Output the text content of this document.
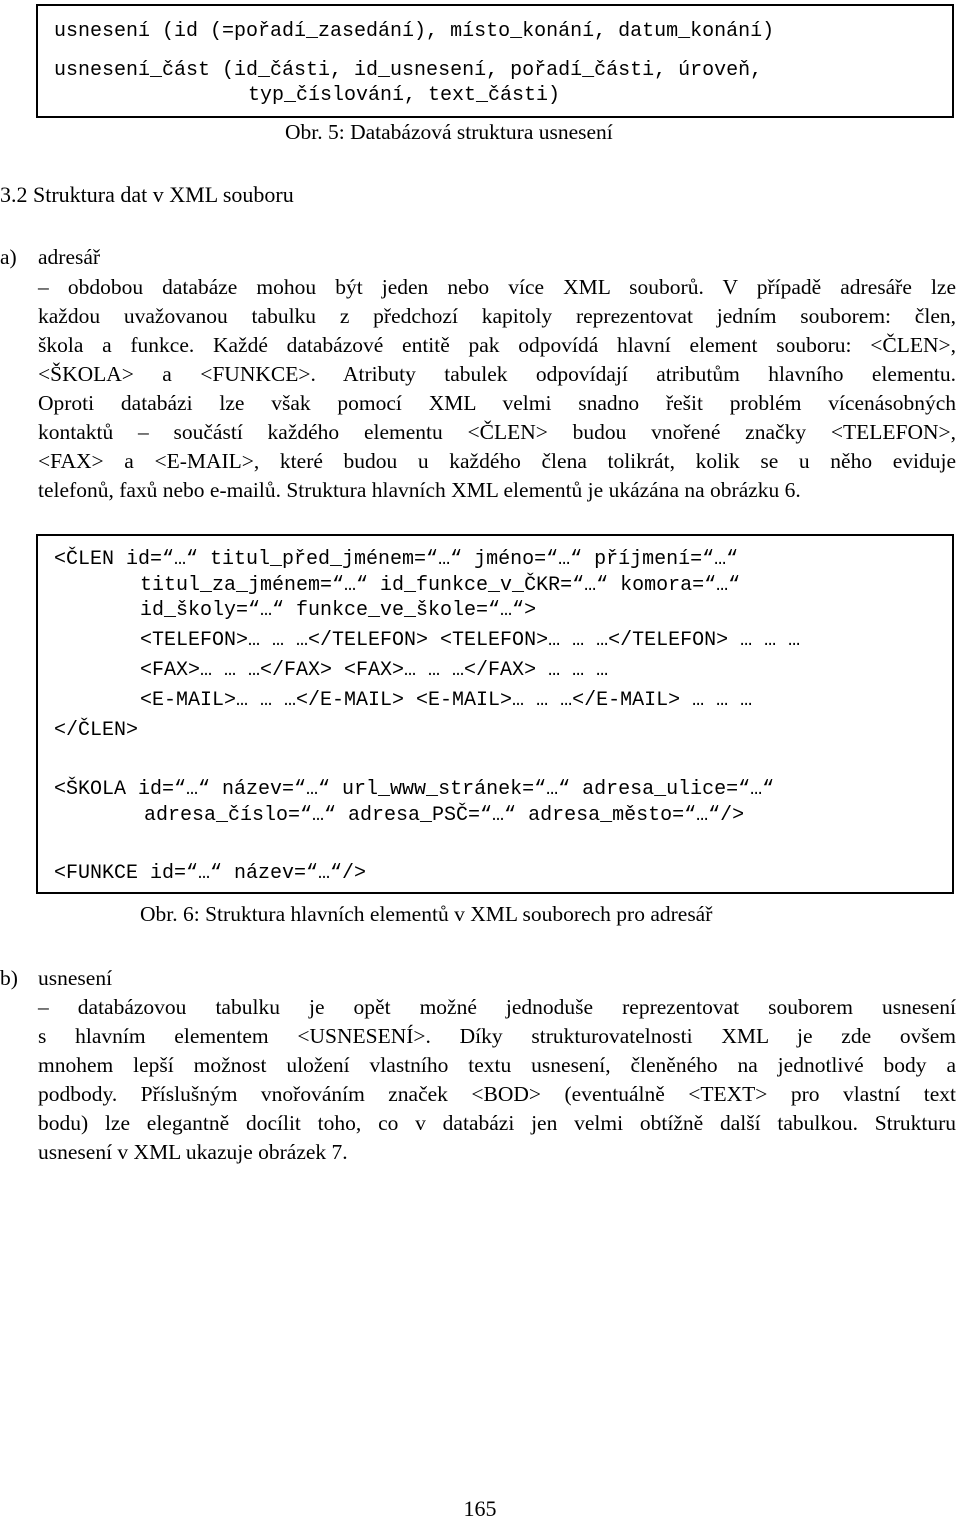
usnesení (id (=pořadí_zasedání), místo_konání, datum_konání)
usnesení_část (id_části, id_usnesení, pořadí_části, úroveň,
typ_číslování, text_části)
Obr. 5: Databázová struktura usnesení
3.2 Struktura dat v XML souboru
a) adresář
– obdobou databáze mohou být jeden nebo více XML souborů. V případě adresáře lze
každou uvažovanou tabulku z předchozí kapitoly reprezentovat jedním souborem: člen,
škola a funkce. Každé databázové entitě pak odpovídá hlavní element souboru: <ČLEN>,
<ŠKOLA> a <FUNKCE>. Atributy tabulek odpovídají atributům hlavního elementu.
Oproti databázi lze však pomocí XML velmi snadno řešit problém vícenásobných
kontaktů – součástí každého elementu <ČLEN> budou vnořené značky <TELEFON>,
<FAX> a <E-MAIL>, které budou u každého člena tolikrát, kolik se u něho eviduje
telefonů, faxů nebo e-mailů. Struktura hlavních XML elementů je ukázána na obrázku 6.
<ČLEN id=“…“ titul_před_jménem=“…“ jméno=“…“ příjmení=“…“
titul_za_jménem=“…“ id_funkce_v_ČKR=“…“ komora=“…“
id_školy=“…“ funkce_ve_škole=“…“>
<TELEFON>… … …</TELEFON> <TELEFON>… … …</TELEFON> … … …
<FAX>… … …</FAX> <FAX>… … …</FAX> … … …
<E-MAIL>… … …</E-MAIL> <E-MAIL>… … …</E-MAIL> … … …
</ČLEN>
<ŠKOLA id=“…“ název=“…“ url_www_stránek=“…“ adresa_ulice=“…“
adresa_číslo=“…“ adresa_PSČ=“…“ adresa_město=“…“/>
<FUNKCE id=“…“ název=“…“/>
Obr. 6: Struktura hlavních elementů v XML souborech pro adresář
b) usnesení
– databázovou tabulku je opět možné jednoduše reprezentovat souborem usnesení
s hlavním elementem <USNESENÍ>. Díky strukturovatelnosti XML je zde ovšem
mnohem lepší možnost uložení vlastního textu usnesení, členěného na jednotlivé body a
podbody. Příslušným vnořováním značek <BOD> (eventuálně <TEXT> pro vlastní text
bodu) lze elegantně docílit toho, co v databázi jen velmi obtížně další tabulkou. Strukturu
usnesení v XML ukazuje obrázek 7.
165
